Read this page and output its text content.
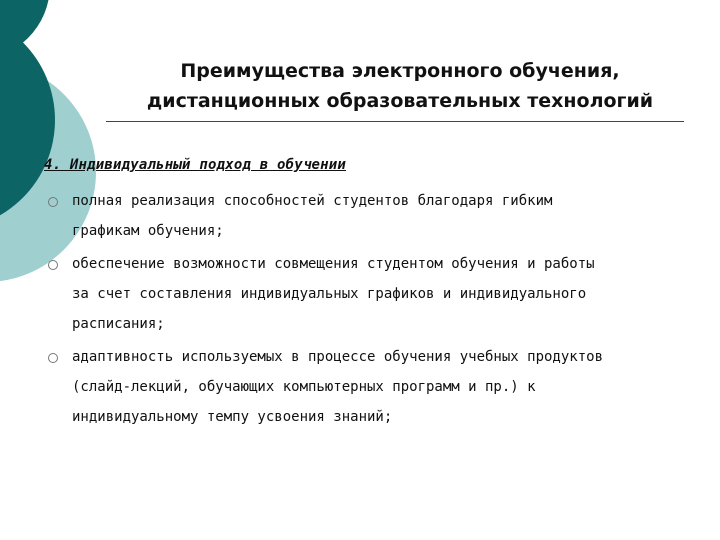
Преимущества электронного обучения,
дистанционных образовательных технологий
4. Индивидуальный подход в обучении
полная реализация способностей студентов благодаря гибким
графикам обучения;
обеспечение возможности совмещения студентом обучения и работы
за счет составления индивидуальных графиков и индивидуального
расписания;
адаптивность используемых в процессе обучения учебных продуктов
(слайд-лекций, обучающих компьютерных программ и пр.) к
индивидуальному темпу усвоения знаний;
